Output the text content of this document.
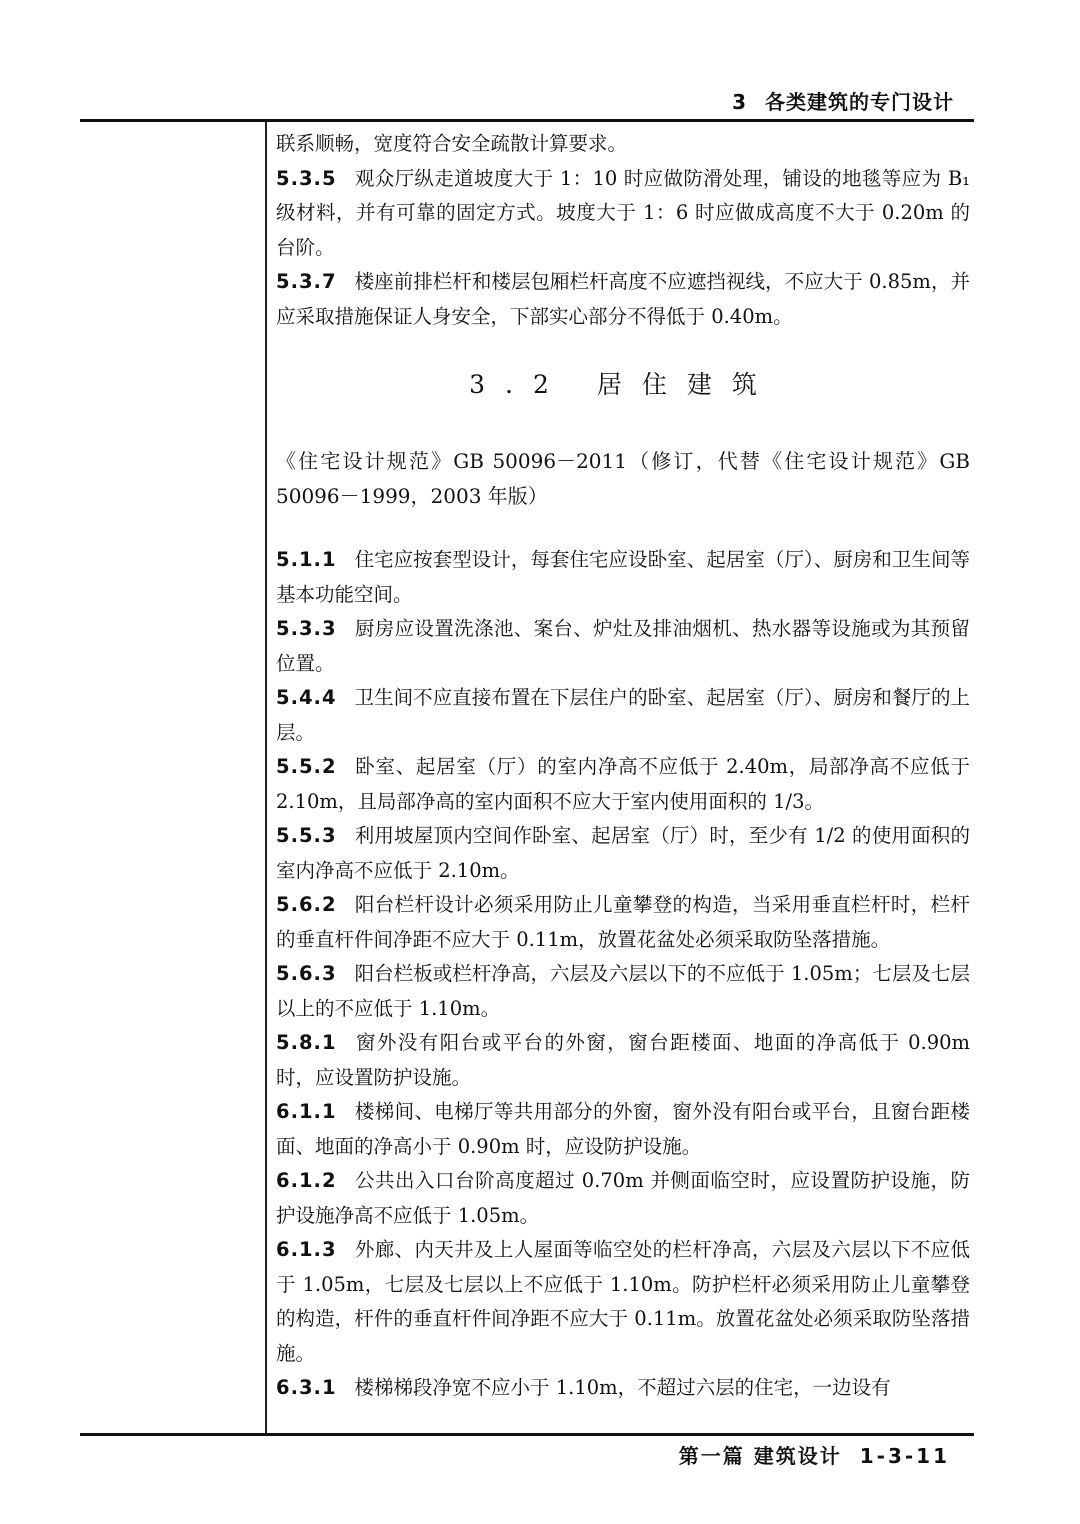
3 各类建筑的专门设计

联系顺畅，宽度符合安全疏散计算要求。

5.3.5 观众厅纵走道坡度大于 1：10 时应做防滑处理，铺设的地毯等应为 B₁ 级材料，并有可靠的固定方式。坡度大于 1：6 时应做成高度不大于 0.20m 的台阶。

5.3.7 楼座前排栏杆和楼层包厢栏杆高度不应遮挡视线，不应大于 0.85m，并应采取措施保证人身安全，下部实心部分不得低于 0.40m。

3.2 居住建筑

《住宅设计规范》GB 50096－2011（修订，代替《住宅设计规范》GB 50096－1999，2003 年版）

5.1.1 住宅应按套型设计，每套住宅应设卧室、起居室（厅）、厨房和卫生间等基本功能空间。

5.3.3 厨房应设置洗涤池、案台、炉灶及排油烟机、热水器等设施或为其预留位置。

5.4.4 卫生间不应直接布置在下层住户的卧室、起居室（厅）、厨房和餐厅的上层。

5.5.2 卧室、起居室（厅）的室内净高不应低于 2.40m，局部净高不应低于 2.10m，且局部净高的室内面积不应大于室内使用面积的 1/3。

5.5.3 利用坡屋顶内空间作卧室、起居室（厅）时，至少有 1/2 的使用面积的室内净高不应低于 2.10m。

5.6.2 阳台栏杆设计必须采用防止儿童攀登的构造，当采用垂直栏杆时，栏杆的垂直杆件间净距不应大于 0.11m，放置花盆处必须采取防坠落措施。

5.6.3 阳台栏板或栏杆净高，六层及六层以下的不应低于 1.05m；七层及七层以上的不应低于 1.10m。

5.8.1 窗外没有阳台或平台的外窗，窗台距楼面、地面的净高低于 0.90m 时，应设置防护设施。

6.1.1 楼梯间、电梯厅等共用部分的外窗，窗外没有阳台或平台，且窗台距楼面、地面的净高小于 0.90m 时，应设防护设施。

6.1.2 公共出入口台阶高度超过 0.70m 并侧面临空时，应设置防护设施，防护设施净高不应低于 1.05m。

6.1.3 外廊、内天井及上人屋面等临空处的栏杆净高，六层及六层以下不应低于 1.05m，七层及七层以上不应低于 1.10m。防护栏杆必须采用防止儿童攀登的构造，杆件的垂直杆件间净距不应大于 0.11m。放置花盆处必须采取防坠落措施。

6.3.1 楼梯梯段净宽不应小于 1.10m，不超过六层的住宅，一边设有

第一篇 建筑设计 1-3-11
